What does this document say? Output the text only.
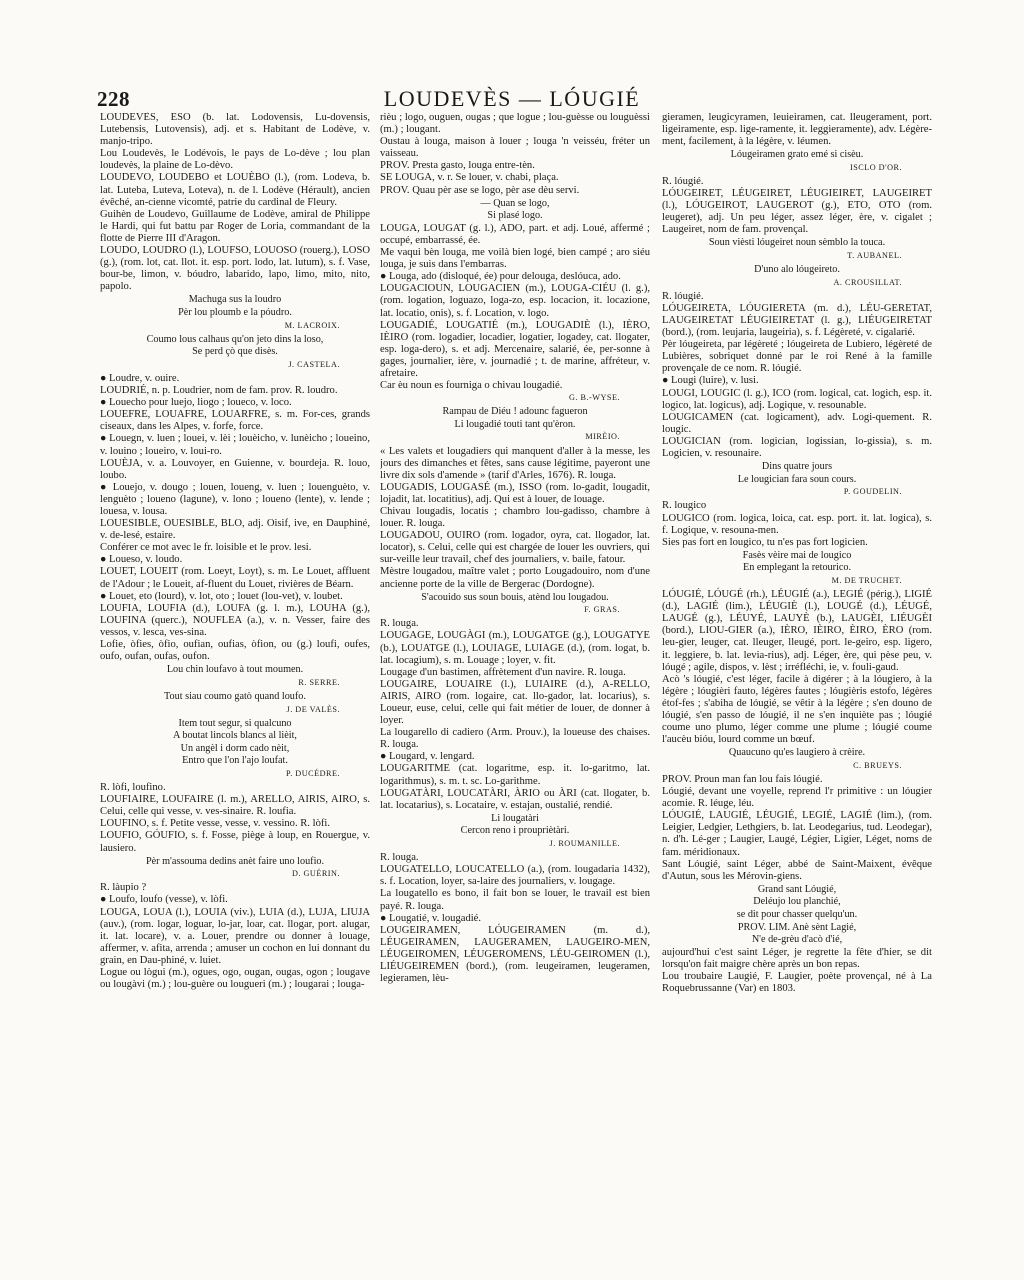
228	LOUDEVÈS — LÓUGIÉ

LOUDEVÈS, ESO (b. lat. Lodovensis, Lu-dovensis, Lutebensis, Lutovensis), adj. et s. Habitant de Lodève, v. manjo-tripo.

Lou Loudevès, le Lodévois, le pays de Lo-dève ; lou plan loudevès, la plaine de Lo-dèvo.

LOUDEVO, LOUDEBO et LOUÈBO (l.), (rom. Lodeva, b. lat. Luteba, Luteva, Loteva), n. de l. Lodève (Hérault), ancien évêché, an-cienne vicomté, patrie du cardinal de Fleury.

Guihèn de Loudevo, Guillaume de Lodève, amiral de Philippe le Hardi, qui fut battu par Roger de Loria, commandant de la flotte de Pierre III d'Aragon.

LOUDO, LOUDRO (l.), LOUFSO, LOUOSO (rouerg.), LOSO (g.), (rom. lot, cat. llot. it. esp. port. lodo, lat. lutum), s. f. Vase, bour-be, limon, v. bóudro, labarido, lapo, limo, mito, nito, papolo.

Machuga sus la loudro

Pèr lou ploumb e la póudro.

M. LACROIX.

Coumo lous calhaus qu'on jeto dins la loso,

Se perd çò que disès.

J. CASTELA.

● Loudre, v. ouire.

LOUDRIÉ, n. p. Loudrier, nom de fam. prov. R. loudro.

● Louecho pour luejo, liogo ; loueco, v. loco.

LOUEFRE, LOUAFRE, LOUARFRE, s. m. For-ces, grands ciseaux, dans les Alpes, v. forfe, force.

● Louegn, v. luen ; louei, v. lèi ; louèicho, v. lunèicho ; loueino, v. louino ; loueiro, v. loui-ro.

LOUÈJA, v. a. Louvoyer, en Guienne, v. bourdeja. R. louo, loubo.

● Louejo, v. dougo ; louen, loueng, v. luen ; louenguèto, v. lenguèto ; loueno (lagune), v. lono ; loueno (lente), v. lende ; louesa, v. lousa.

LOUESIBLE, OUESIBLE, BLO, adj. Oisif, ive, en Dauphiné, v. de-lesé, estaire.

Conférer ce mot avec le fr. loisible et le prov. lesi.

● Loueso, v. loudo.

LOUET, LOUEIT (rom. Loeyt, Loyt), s. m. Le Louet, affluent de l'Adour ; le Loueit, af-fluent du Louet, rivières de Béarn.

● Louet, eto (lourd), v. lot, oto ; louet (lou-vet), v. loubet.

LOUFIA, LOUFIA (d.), LOUFA (g. l. m.), LOUHA (g.), LOUFINA (querc.), NOUFLEA (a.), v. n. Vesser, faire des vessos, v. lesca, ves-sina.

Lofie, òfies, òfio, oufian, oufias, òfion, ou (g.) loufi, oufes, oufo, oufan, oufas, oufon.

Lou chin loufavo à tout moumen.

R. SERRE.

Tout siau coumo gatò quand loufo.

J. DE VALÈS.

Item tout segur, si qualcuno

A boutat lincols blancs al lièit,

Un angèl i dorm cado nèit,

Entro que l'on l'ajo loufat.

P. DUCÉDRE.

R. lòfi, loufino.

LOUFIAIRE, LOUFAIRE (l. m.), ARELLO, AIRIS, AIRO, s. Celui, celle qui vesse, v. ves-sinaire. R. loufia.

LOUFINO, s. f. Petite vesse, vesse, v. vessino. R. lòfi.

LOUFIO, GÓUFIO, s. f. Fosse, piège à loup, en Rouergue, v. lausiero.

Pèr m'assouma dedins anèt faire uno loufio.

D. GUÉRIN.

R. làupio ?

● Loufo, loufo (vesse), v. lòfi.

LOUGA, LOUA (l.), LOUIA (viv.), LUIA (d.), LUJA, LIUJA (auv.), (rom. logar, loguar, lo-jar, loar, cat. llogar, port. alugar, it. lat. locare), v. a. Louer, prendre ou donner à louage, affermer, v. afita, arrenda ; amuser un cochon en lui donnant du grain, en Dau-phiné, v. luiet.

Logue ou lògui (m.), ogues, ogo, ougan, ougas, ogon ; lougave ou lougàvi (m.) ; lou-guère ou lougueri (m.) ; lougarai ; louga-

rièu ; logo, ouguen, ougas ; que logue ; lou-guèsse ou louguèssi (m.) ; lougant.

Oustau à louga, maison à louer ; louga 'n veisséu, fréter un vaisseau.

PROV. Presta gasto, louga entre-tèn.

SE LOUGA, v. r. Se louer, v. chabi, plaça.

PROV. Quau pèr ase se logo, pèr ase dèu servi.

— Quan se logo,

Si plasé logo.

LOUGA, LOUGAT (g. l.), ADO, part. et adj. Loué, affermé ; occupé, embarrassé, ée.

Me vaqui bèn louga, me voilà bien logé, bien campé ; aro siéu louga, je suis dans l'embarras.

● Louga, ado (disloqué, ée) pour delouga, deslóuca, ado.

LOUGACIOUN, LOUGACIEN (m.), LOUGA-CIÉU (l. g.), (rom. logation, loguazo, loga-zo, esp. locacion, it. locazione, lat. locatio, onis), s. f. Location, v. logo.

LOUGADIÉ, LOUGATIÉ (m.), LOUGADIÈ (l.), IÈRO, IÈIRO (rom. logadier, locadier, logatier, logadey, cat. llogater, esp. loga-dero), s. et adj. Mercenaire, salarié, ée, per-sonne à gages, journalier, ière, v. journadié ; t. de marine, affréteur, v. afretaire.

Car èu noun es fourniga o chivau lougadié.

G. B.-WYSE.

Rampau de Diéu ! adounc fagueron

Li lougadié touti tant qu'èron.

MIRÈIO.

« Les valets et lougadiers qui manquent d'aller à la messe, les jours des dimanches et fêtes, sans cause légitime, payeront une livre dix sols d'amende » (tarif d'Arles, 1676). R. louga.

LOUGADIS, LOUGASÉ (m.), ISSO (rom. lo-gadit, lougadit, lojadit, lat. locatitius), adj. Qui est à louer, de louage.

Chivau lougadis, locatis ; chambro lou-gadisso, chambre à louer. R. louga.

LOUGADOU, OUIRO (rom. logador, oyra, cat. llogador, lat. locator), s. Celui, celle qui est chargée de louer les ouvriers, qui sur-veille leur travail, chef des journaliers, v. baile, fatour.

Mèstre lougadou, maître valet ; porto Lougadouiro, nom d'une ancienne porte de la ville de Bergerac (Dordogne).

S'acouido sus soun bouis, atènd lou lougadou.

F. GRAS.

R. louga.

LOUGAGE, LOUGÀGI (m.), LOUGATGE (g.), LOUGATYE (b.), LOUATGE (l.), LOUIAGE, LUIAGE (d.), (rom. logat, b. lat. locagium), s. m. Louage ; loyer, v. fit.

Lougage d'un bastimen, affrètement d'un navire. R. louga.

LOUGAIRE, LOUAIRE (l.), LUIAIRE (d.), A-RELLO, AIRIS, AIRO (rom. logaire, cat. llo-gador, lat. locarius), s. Loueur, euse, celui, celle qui fait métier de louer, de donner à loyer.

La lougarello di cadiero (Arm. Prouv.), la loueuse des chaises. R. louga.

● Lougard, v. lengard.

LOUGARITME (cat. logaritme, esp. it. lo-garitmo, lat. logarithmus), s. m. t. sc. Lo-garithme.

LOUGATÀRI, LOUCATÀRI, ÀRIO ou ÀRI (cat. llogater, b. lat. locatarius), s. Locataire, v. estajan, oustalié, rendié.

Li lougatàri

Cercon reno i proupriètàri.

J. ROUMANILLE.

R. louga.

LOUGATELLO, LOUCATELLO (a.), (rom. lougadaria 1432), s. f. Location, loyer, sa-laire des journaliers, v. lougage.

La lougatello es bono, il fait bon se louer, le travail est bien payé. R. louga.

● Lougatié, v. lougadié.

LOUGEIRAMEN, LÓUGEIRAMEN (m. d.), LÉUGEIRAMEN, LAUGERAMEN, LAUGEIRO-MEN, LÉUGEIROMEN, LÉUGEROMENS, LÉU-GEIROMEN (l.), LIÉUGEIREMEN (bord.), (rom. leugeiramen, leugeramen, legieramen, lèu-

gieramen, leugicyramen, leuieiramen, cat. lleugerament, port. ligeiramente, esp. lige-ramente, it. leggieramente), adv. Légère-ment, facilement, à la légère, v. léumen.

Lóugeiramen grato emé si cisèu.

ISCLO D'OR.

R. lóugié.

LÓUGEIRET, LÉUGEIRET, LÉUGIEIRET, LAUGEIRET (l.), LÓUGEIROT, LAUGEROT (g.), ETO, OTO (rom. leugeret), adj. Un peu léger, assez léger, ère, v. cigalet ; Laugeiret, nom de fam. provençal.

Soun vièsti lóugeiret noun sèmblo la touca.

T. AUBANEL.

D'uno alo lóugeireto.

A. CROUSILLAT.

R. lóugié.

LÓUGEIRETA, LÓUGIERETA (m. d.), LÉU-GERETAT, LAUGEIRETAT LÉUGIEIRETAT (l. g.), LIÉUGEIRETAT (bord.), (rom. leujaria, laugeiria), s. f. Légèreté, v. cigalarié.

Pèr lóugeireta, par légèreté ; lóugeireta de Lubiero, légèreté de Lubières, sobriquet donné par le roi René à la famille provençale de ce nom. R. lóugié.

● Lougi (luire), v. lusi.

LOUGI, LOUGIC (l. g.), ICO (rom. logical, cat. logich, esp. it. logico, lat. logicus), adj. Logique, v. resounable.

LOUGICAMEN (cat. logicament), adv. Logi-quement. R. lougic.

LOUGICIAN (rom. logician, logissian, lo-gissia), s. m. Logicien, v. resounaire.

Dins quatre jours

Le lougician fara soun cours.

P. GOUDELIN.

R. lougico

LOUGICO (rom. logica, loica, cat. esp. port. it. lat. logica), s. f. Logique, v. resouna-men.

Sies pas fort en lougico, tu n'es pas fort logicien.

Fasès vèire mai de lougico

En emplegant la retourico.

M. DE TRUCHET.

LÓUGIÉ, LÓUGÉ (rh.), LÉUGIÉ (a.), LEGIÉ (périg.), LIGIÉ (d.), LAGIÉ (lim.), LÉUGIÈ (l.), LOUGÉ (d.), LÉUGÉ, LAUGÉ (g.), LÉUYÉ, LAUYÈ (b.), LAUGÈI, LIÉUGÈI (bord.), LIOU-GIER (a.), IÈRO, IÈIRO, ÈIRO, ÈRO (rom. leu-gier, leuger, cat. lleuger, lleugé, port. le-geiro, esp. ligero, it. leggiere, b. lat. levia-rius), adj. Léger, ère, qui pèse peu, v. lóugé ; agile, dispos, v. lèst ; irréfléchi, ie, v. fouli-gaud.

Acò 's lóugié, c'est léger, facile à digérer ; à la lóugiero, à la légère ; lóugièri fauto, légères fautes ; lóugièris estofo, légères étof-fes ; s'abiha de lóugié, se vêtir à la légère ; s'en douno de lóugié, s'en passo de lóugié, il ne s'en inquiète pas ; lóugié coume uno plumo, léger comme une plume ; lóugié coume l'aucèu bióu, lourd comme un bœuf.

Quaucuno qu'es laugiero à crèire.

C. BRUEYS.

PROV. Proun man fan lou fais lóugié.

Lóugié, devant une voyelle, reprend l'r primitive : un lóugier acomie. R. léuge, léu.

LÓUGIÉ, LAUGIÉ, LÉUGIÉ, LEGIÉ, LAGIÉ (lim.), (rom. Leigier, Ledgier, Lethgiers, b. lat. Leodegarius, tud. Leodegar), n. d'h. Lé-ger ; Laugier, Laugé, Légier, Ligier, Léget, noms de fam. méridionaux.

Sant Lóugié, saint Léger, abbé de Saint-Maixent, évêque d'Autun, sous les Mérovin-giens.

Grand sant Lóugié,

Deléujo lou planchié,

se dit pour chasser quelqu'un.

PROV. LIM. Anè sènt Lagié,

N'e de-grèu d'acò d'ié,

aujourd'hui c'est saint Léger, je regrette la fête d'hier, se dit lorsqu'on fait maigre chère après un bon repas.

Lou troubaire Laugié, F. Laugier, poète provençal, né à La Roquebrussanne (Var) en 1803.
